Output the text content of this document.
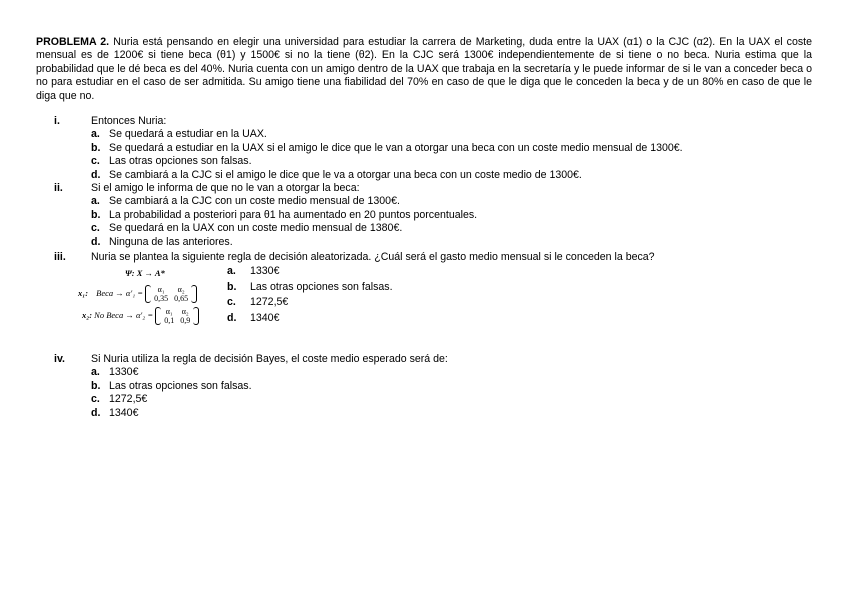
PROBLEMA 2. Nuria está pensando en elegir una universidad para estudiar la carrera de Marketing, duda entre la UAX (α1) o la CJC (α2). En la UAX el coste mensual es de 1200€ si tiene beca (θ1) y 1500€ si no la tiene (θ2). En la CJC será 1300€ independientemente de si tiene o no beca. Nuria estima que la probabilidad que le dé beca es del 40%. Nuria cuenta con un amigo dentro de la UAX que trabaja en la secretaría y le puede informar de si le van a conceder beca o no para estudiar en el caso de ser admitida. Su amigo tiene una fiabilidad del 70% en caso de que le diga que le conceden la beca y de un 80% en caso de que le diga que no.
i.	Entonces Nuria:
a. Se quedará a estudiar en la UAX.
b. Se quedará a estudiar en la UAX si el amigo le dice que le van a otorgar una beca con un coste medio mensual de 1300€.
c. Las otras opciones son falsas.
d. Se cambiará a la CJC si el amigo le dice que le va a otorgar una beca con un coste medio de 1300€.
ii.	Si el amigo le informa de que no le van a otorgar la beca:
a. Se cambiará a la CJC con un coste medio mensual de 1300€.
b. La probabilidad a posteriori para θ1 ha aumentado en 20 puntos porcentuales.
c. Se quedará en la UAX con un coste medio mensual de 1380€.
d. Ninguna de las anteriores.
iii. Nuria se plantea la siguiente regla de decisión aleatorizada. ¿Cuál será el gasto medio mensual si le conceden la beca?
Ψ: X → A*
x₁: Beca → α′₁ = α₁	α₂
0,35	0,65
x₂: No Beca → α′₂ = α₁	α₂
0,1	0,9
a. 1330€
b. Las otras opciones son falsas.
c. 1272,5€
d. 1340€
iv. Si Nuria utiliza la regla de decisión Bayes, el coste medio esperado será de:
a. 1330€
b. Las otras opciones son falsas.
c. 1272,5€
d. 1340€
